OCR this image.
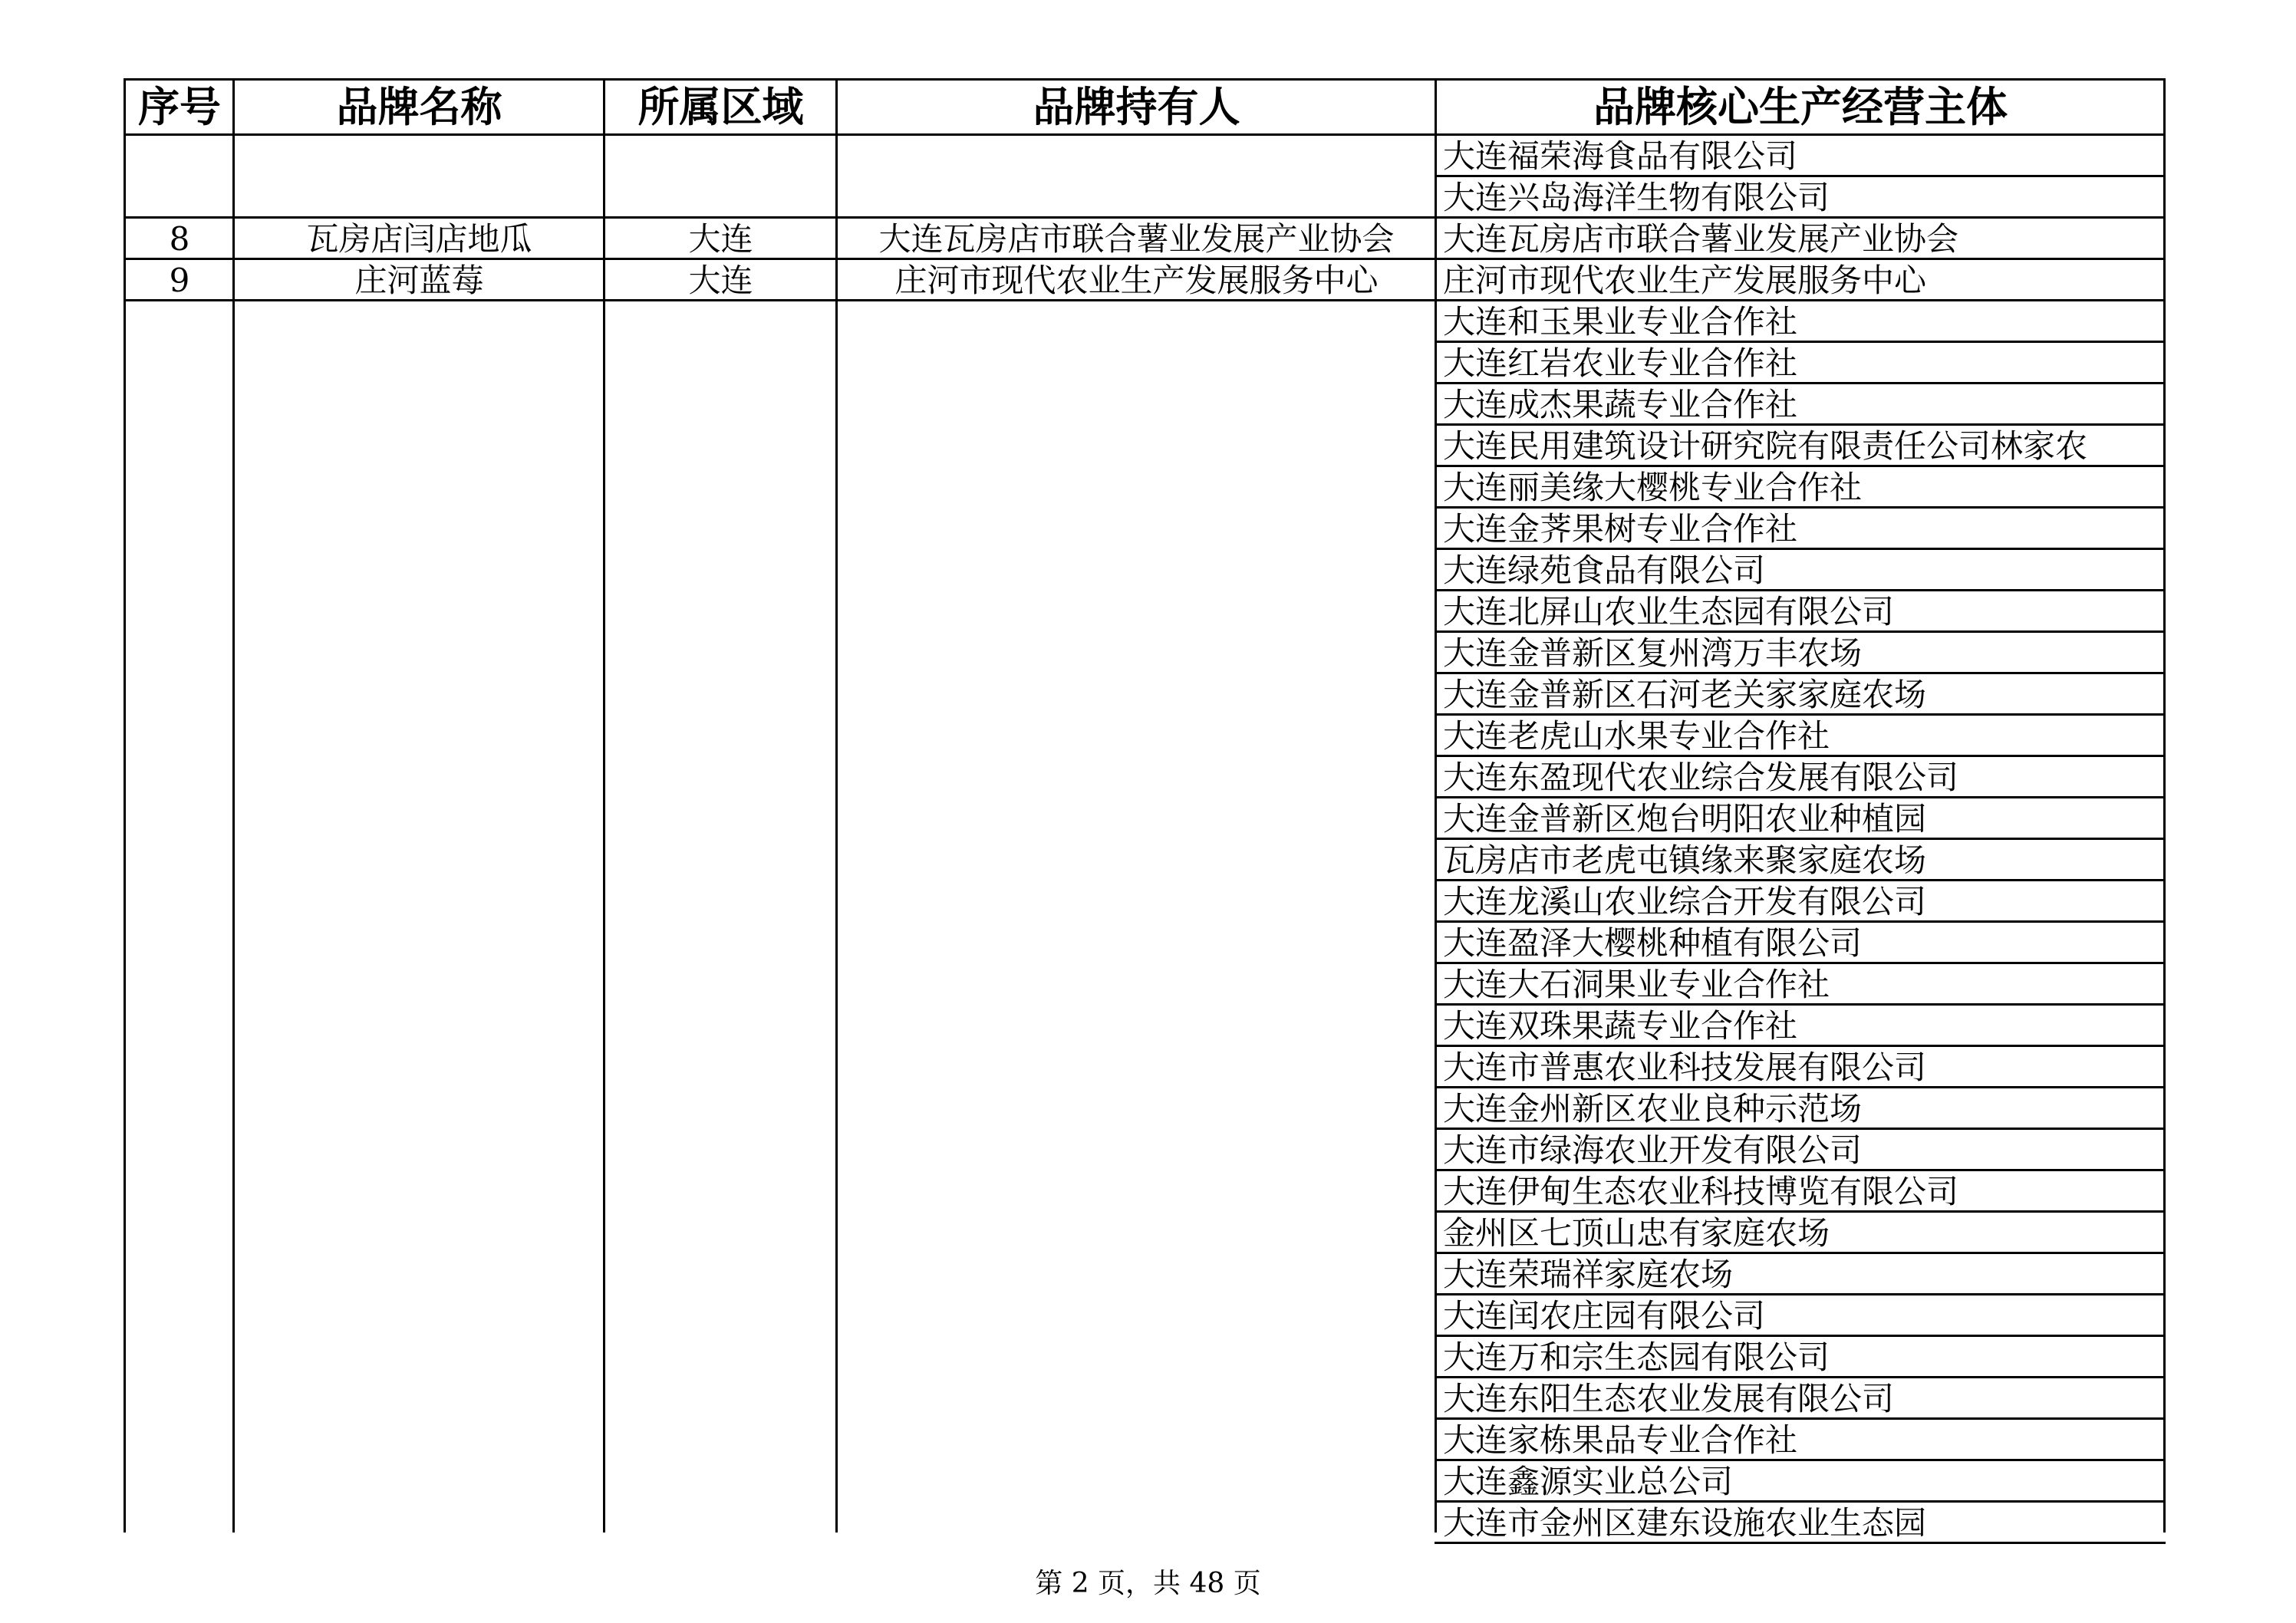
序号	品牌名称	所属区域	品牌持有人	品牌核心生产经营主体
大连福荣海食品有限公司
大连兴岛海洋生物有限公司
8	瓦房店闫店地瓜	大连	大连瓦房店市联合薯业发展产业协会	大连瓦房店市联合薯业发展产业协会
9	庄河蓝莓	大连	庄河市现代农业生产发展服务中心	庄河市现代农业生产发展服务中心
大连和玉果业专业合作社
大连红岩农业专业合作社
大连成杰果蔬专业合作社
大连民用建筑设计研究院有限责任公司林家农
大连丽美缘大樱桃专业合作社
大连金荠果树专业合作社
大连绿苑食品有限公司
大连北屏山农业生态园有限公司
大连金普新区复州湾万丰农场
大连金普新区石河老关家家庭农场
大连老虎山水果专业合作社
大连东盈现代农业综合发展有限公司
大连金普新区炮台明阳农业种植园
瓦房店市老虎屯镇缘来聚家庭农场
大连龙溪山农业综合开发有限公司
大连盈泽大樱桃种植有限公司
大连大石洞果业专业合作社
大连双珠果蔬专业合作社
大连市普惠农业科技发展有限公司
大连金州新区农业良种示范场
大连市绿海农业开发有限公司
大连伊甸生态农业科技博览有限公司
金州区七顶山忠有家庭农场
大连荣瑞祥家庭农场
大连闰农庄园有限公司
大连万和宗生态园有限公司
大连东阳生态农业发展有限公司
大连家栋果品专业合作社
大连鑫源实业总公司
大连市金州区建东设施农业生态园
第 2 页，共 48 页
